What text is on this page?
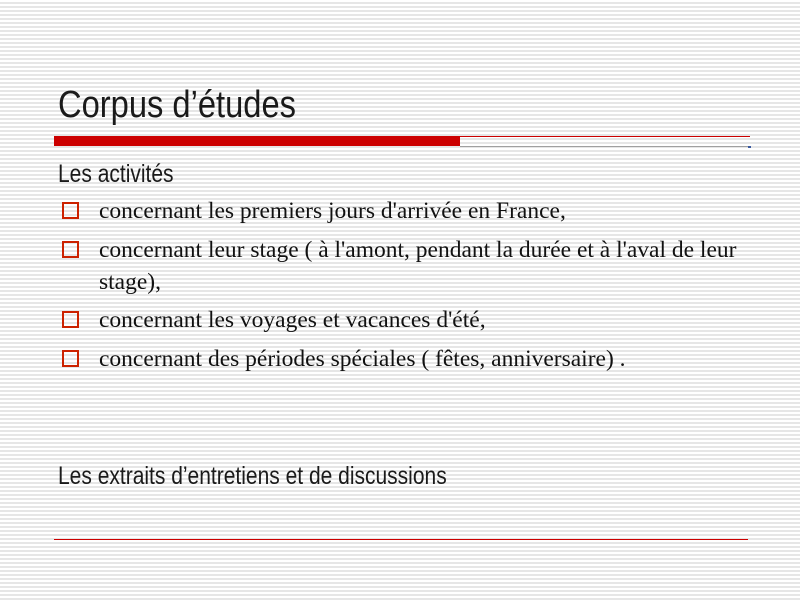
Corpus d’études
Les activités
concernant les premiers jours d'arrivée en France,
concernant leur stage ( à l'amont, pendant la durée et à l'aval de leur stage),
concernant les voyages et vacances d'été,
concernant des périodes spéciales ( fêtes, anniversaire) .
Les extraits d’entretiens et de discussions
